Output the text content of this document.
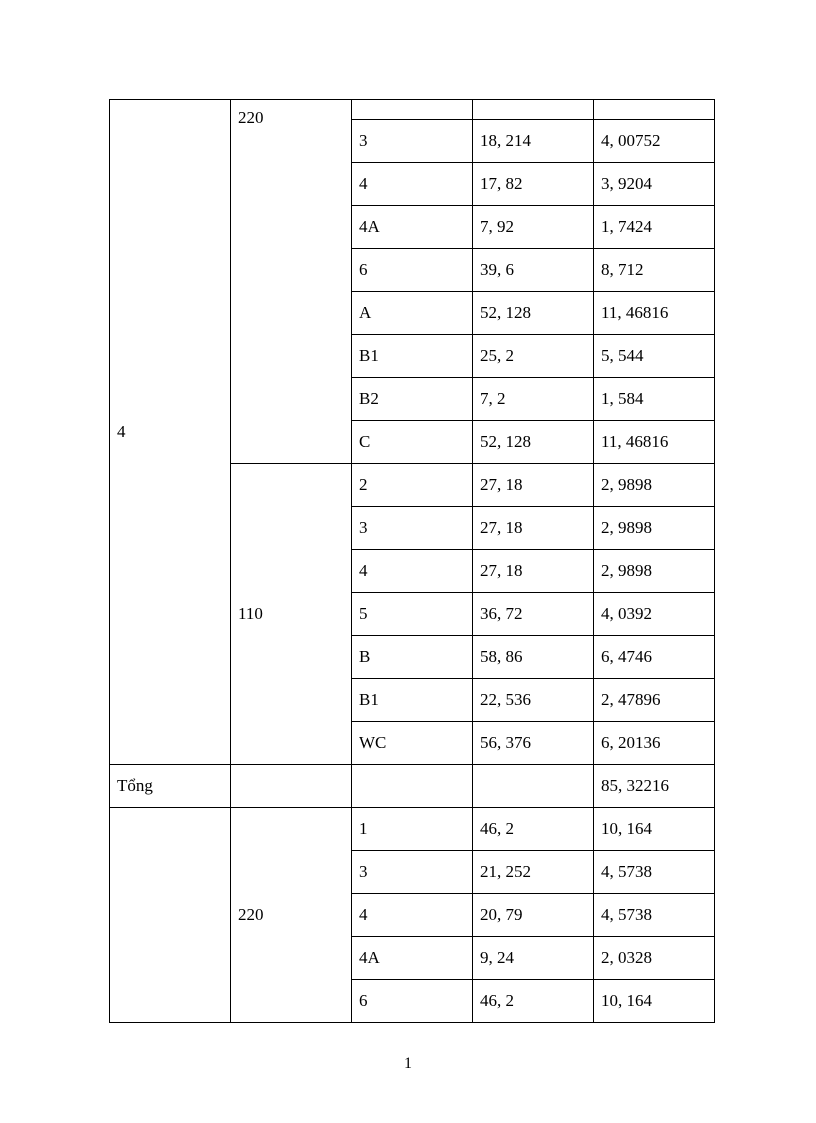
4	220			
		3	18, 214	4, 00752
		4	17, 82	3, 9204
		4A	7, 92	1, 7424
		6	39, 6	8, 712
		A	52, 128	11, 46816
		B1	25, 2	5, 544
		B2	7, 2	1, 584
		C	52, 128	11, 46816
	110	2	27, 18	2, 9898
		3	27, 18	2, 9898
		4	27, 18	2, 9898
		5	36, 72	4, 0392
		B	58, 86	6, 4746
		B1	22, 536	2, 47896
		WC	56, 376	6, 20136
Tổng				85, 32216
	220	1	46, 2	10, 164
		3	21, 252	4, 5738
		4	20, 79	4, 5738
		4A	9, 24	2, 0328
		6	46, 2	10, 164
1
